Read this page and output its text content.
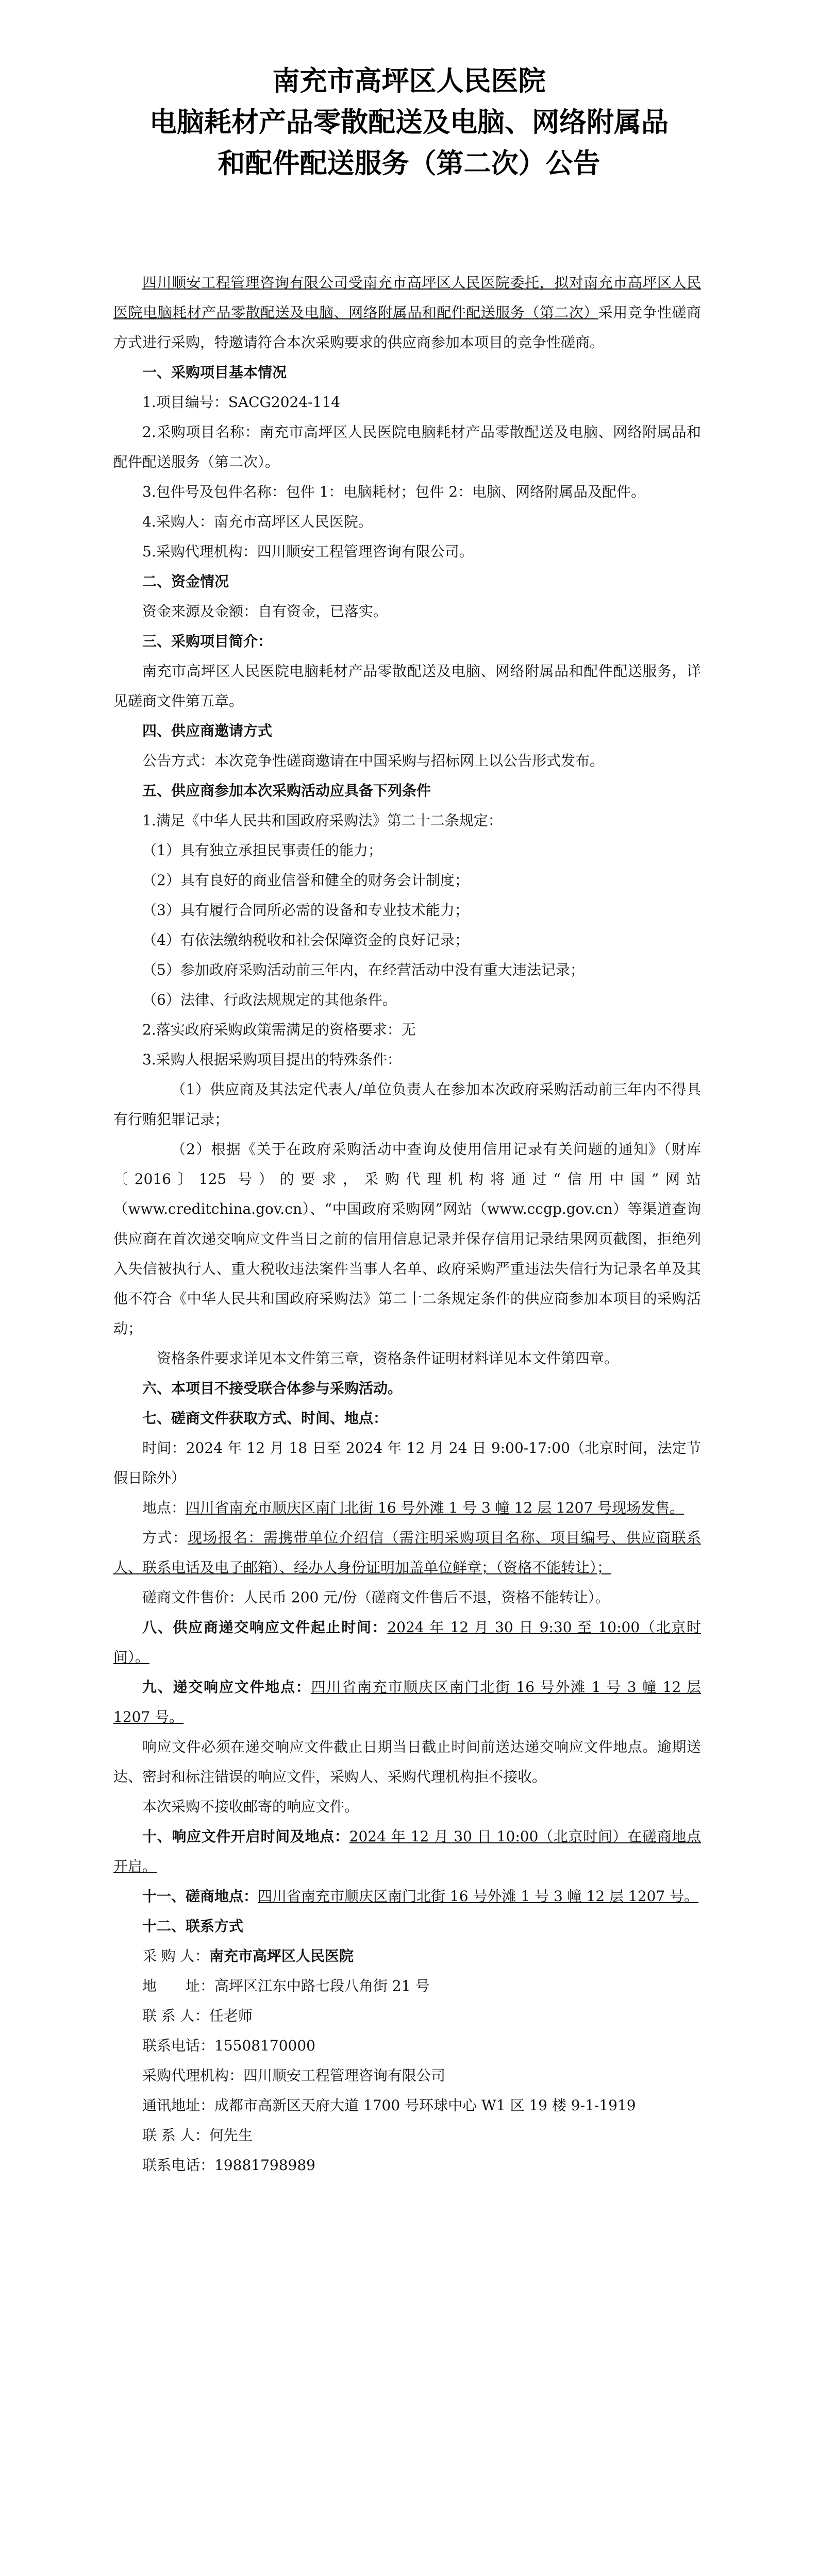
南充市高坪区人民医院
电脑耗材产品零散配送及电脑、网络附属品
和配件配送服务（第二次）公告

四川顺安工程管理咨询有限公司受南充市高坪区人民医院委托，拟对南充市高坪区人民医院电脑耗材产品零散配送及电脑、网络附属品和配件配送服务（第二次）采用竞争性磋商方式进行采购，特邀请符合本次采购要求的供应商参加本项目的竞争性磋商。

一、采购项目基本情况

1.项目编号：SACG2024-114

2.采购项目名称：南充市高坪区人民医院电脑耗材产品零散配送及电脑、网络附属品和配件配送服务（第二次）。

3.包件号及包件名称：包件 1：电脑耗材；包件 2：电脑、网络附属品及配件。

4.采购人：南充市高坪区人民医院。

5.采购代理机构：四川顺安工程管理咨询有限公司。

二、资金情况

资金来源及金额：自有资金，已落实。

三、采购项目简介：

南充市高坪区人民医院电脑耗材产品零散配送及电脑、网络附属品和配件配送服务，详见磋商文件第五章。

四、供应商邀请方式

公告方式：本次竞争性磋商邀请在中国采购与招标网上以公告形式发布。

五、供应商参加本次采购活动应具备下列条件

1.满足《中华人民共和国政府采购法》第二十二条规定：

（1）具有独立承担民事责任的能力；

（2）具有良好的商业信誉和健全的财务会计制度；

（3）具有履行合同所必需的设备和专业技术能力；

（4）有依法缴纳税收和社会保障资金的良好记录；

（5）参加政府采购活动前三年内，在经营活动中没有重大违法记录；

（6）法律、行政法规规定的其他条件。

2.落实政府采购政策需满足的资格要求：无

3.采购人根据采购项目提出的特殊条件：

（1）供应商及其法定代表人/单位负责人在参加本次政府采购活动前三年内不得具有行贿犯罪记录；

（2）根据《关于在政府采购活动中查询及使用信用记录有关问题的通知》（财库〔2016〕125 号）的要求，采购代理机构将通过“信用中国”网站（www.creditchina.gov.cn）、“中国政府采购网”网站（www.ccgp.gov.cn）等渠道查询供应商在首次递交响应文件当日之前的信用信息记录并保存信用记录结果网页截图，拒绝列入失信被执行人、重大税收违法案件当事人名单、政府采购严重违法失信行为记录名单及其他不符合《中华人民共和国政府采购法》第二十二条规定条件的供应商参加本项目的采购活动；

资格条件要求详见本文件第三章，资格条件证明材料详见本文件第四章。

六、本项目不接受联合体参与采购活动。

七、磋商文件获取方式、时间、地点：

时间：2024 年 12 月 18 日至 2024 年 12 月 24 日 9:00-17:00（北京时间，法定节假日除外）

地点：四川省南充市顺庆区南门北街 16 号外滩 1 号 3 幢 12 层 1207 号现场发售。

方式：现场报名：需携带单位介绍信（需注明采购项目名称、项目编号、供应商联系人、联系电话及电子邮箱）、经办人身份证明加盖单位鲜章；（资格不能转让）；

磋商文件售价：人民币 200 元/份（磋商文件售后不退，资格不能转让）。

八、供应商递交响应文件起止时间：2024 年 12 月 30 日 9:30 至 10:00（北京时间）。

九、递交响应文件地点：四川省南充市顺庆区南门北街 16 号外滩 1 号 3 幢 12 层 1207 号。

响应文件必须在递交响应文件截止日期当日截止时间前送达递交响应文件地点。逾期送达、密封和标注错误的响应文件，采购人、采购代理机构拒不接收。

本次采购不接收邮寄的响应文件。

十、响应文件开启时间及地点：2024 年 12 月 30 日 10:00（北京时间）在磋商地点开启。

十一、磋商地点：四川省南充市顺庆区南门北街 16 号外滩 1 号 3 幢 12 层 1207 号。

十二、联系方式

采 购 人：南充市高坪区人民医院

地　　址：高坪区江东中路七段八角街 21 号

联 系 人：任老师

联系电话：15508170000

采购代理机构：四川顺安工程管理咨询有限公司

通讯地址：成都市高新区天府大道 1700 号环球中心 W1 区 19 楼 9-1-1919

联 系 人：何先生

联系电话：19881798989
